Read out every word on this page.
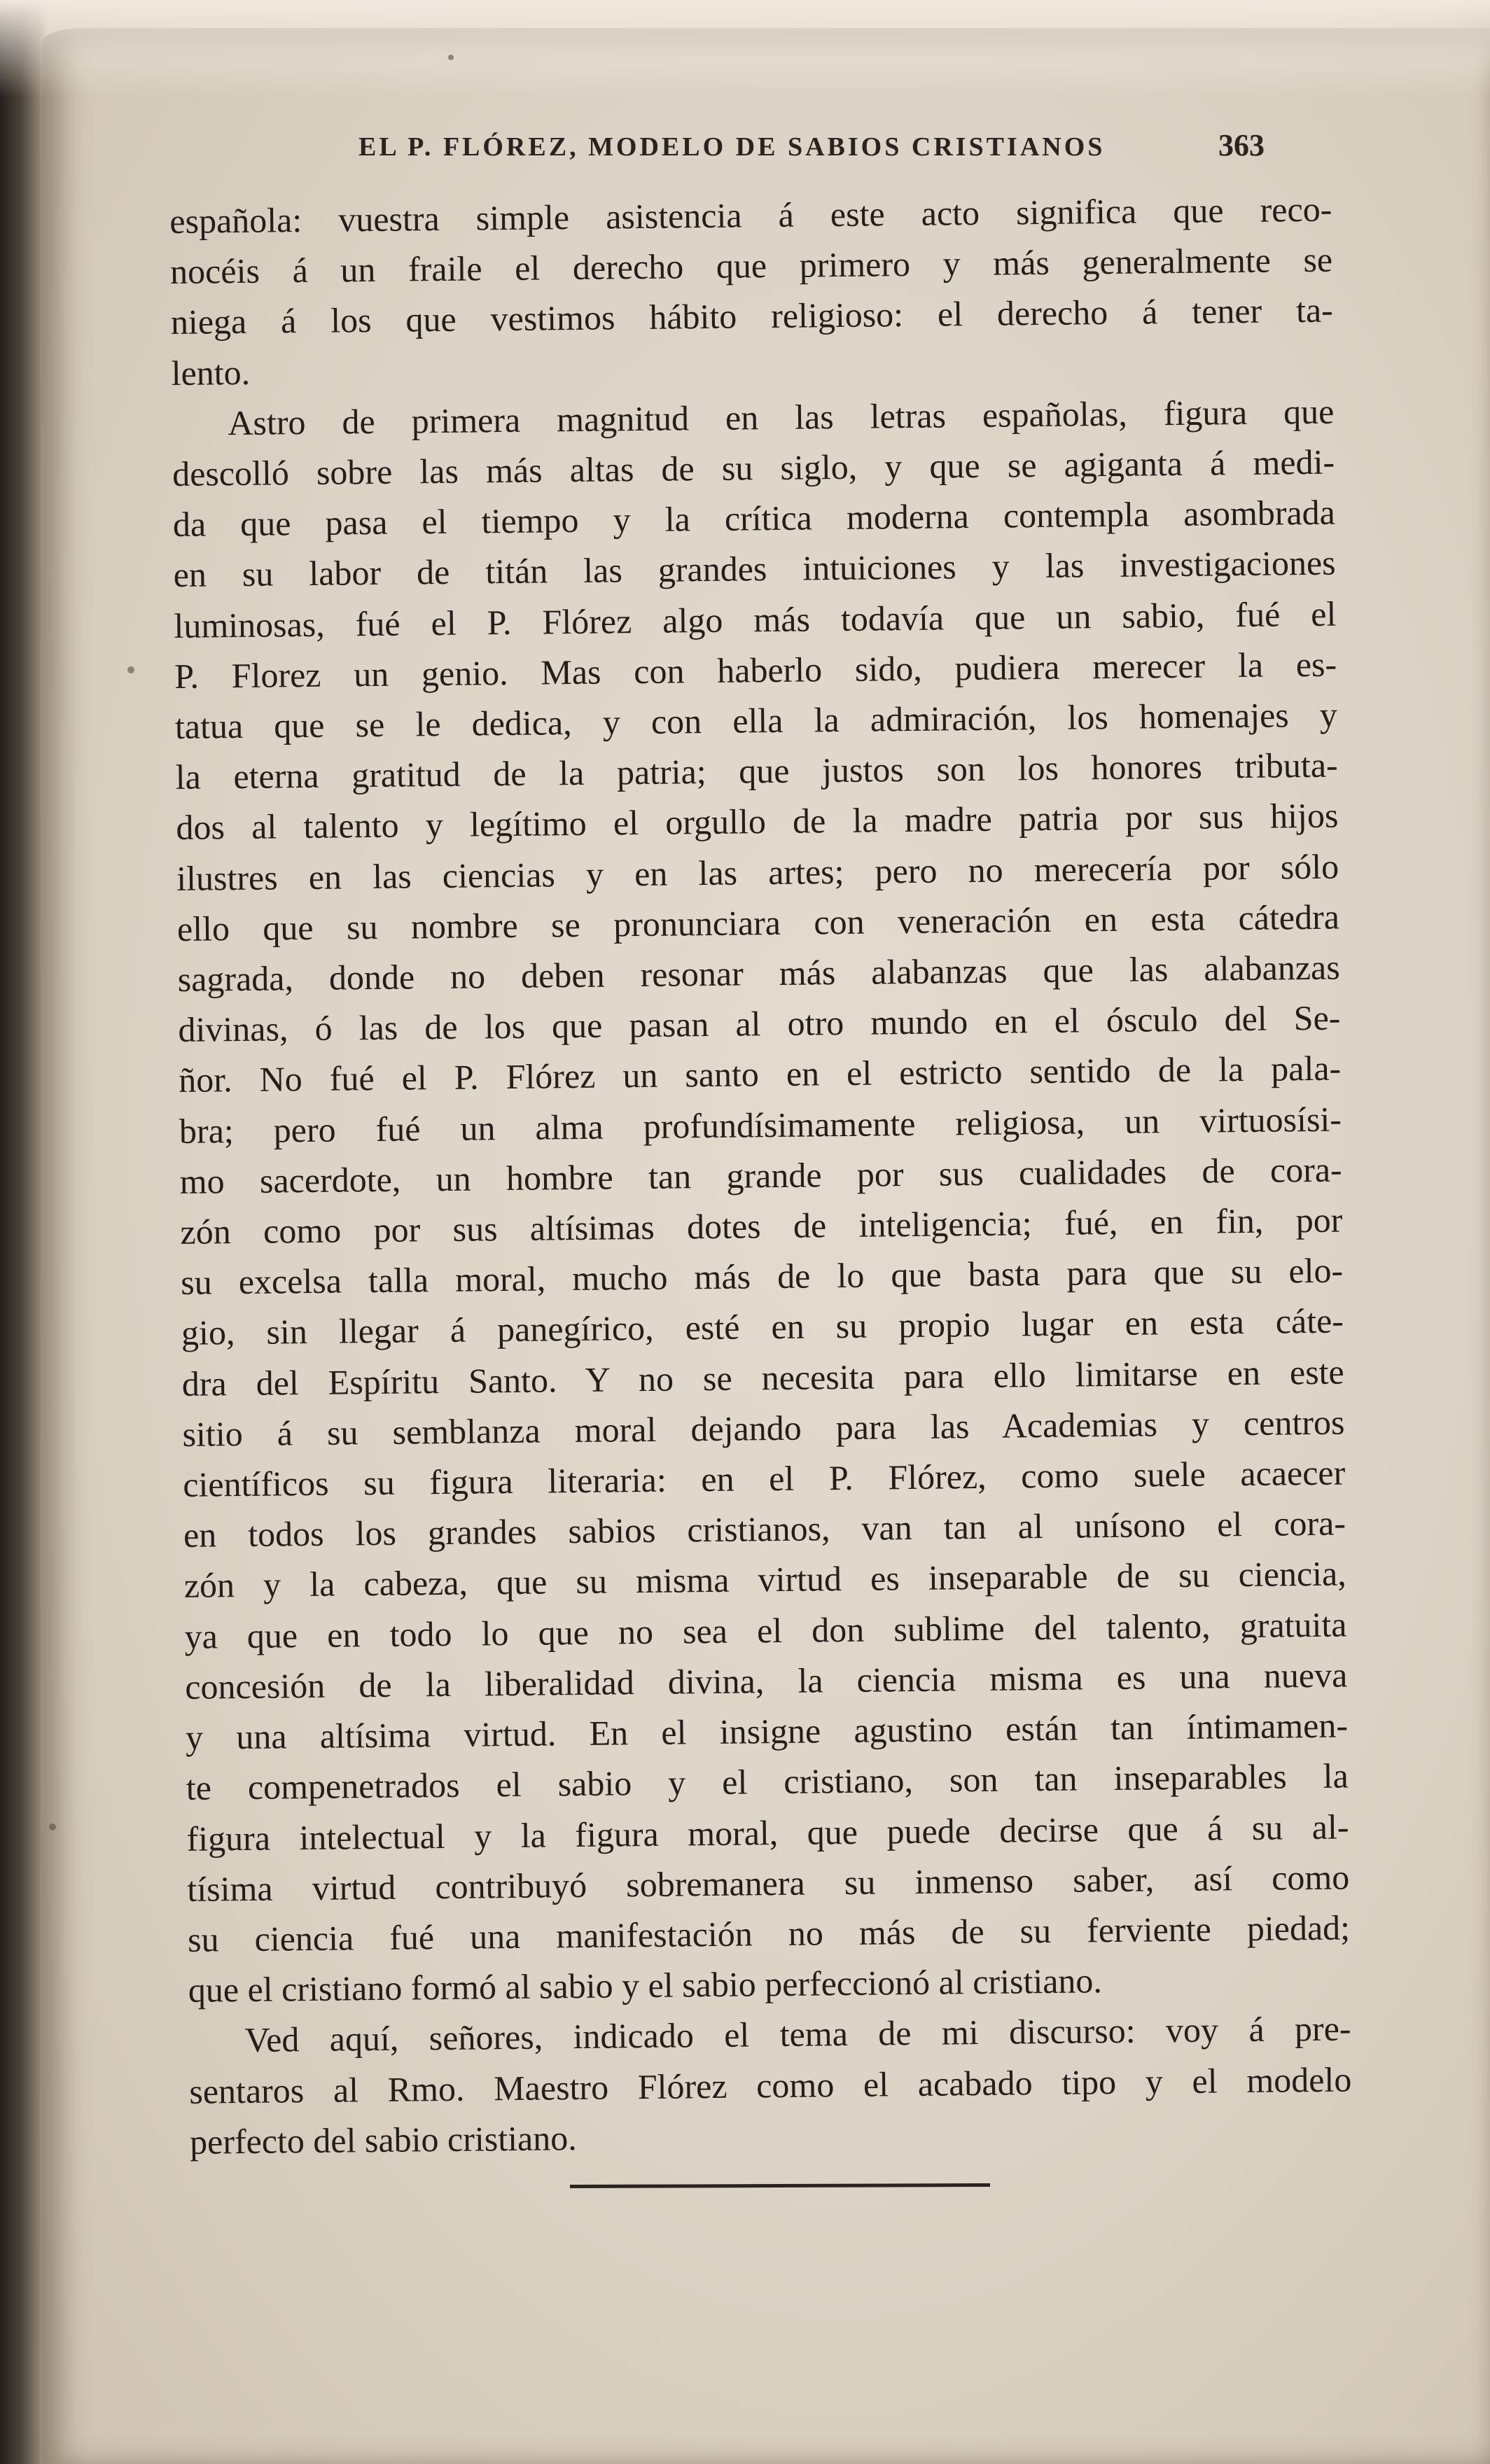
EL P. FLÓREZ, MODELO DE SABIOS CRISTIANOS	363
española: vuestra simple asistencia á este acto significa que reco-
nocéis á un fraile el derecho que primero y más generalmente se
niega á los que vestimos hábito religioso: el derecho á tener ta-
lento.
Astro de primera magnitud en las letras españolas, figura que
descolló sobre las más altas de su siglo, y que se agiganta á medi-
da que pasa el tiempo y la crítica moderna contempla asombrada
en su labor de titán las grandes intuiciones y las investigaciones
luminosas, fué el P. Flórez algo más todavía que un sabio, fué el
P. Florez un genio. Mas con haberlo sido, pudiera merecer la es-
tatua que se le dedica, y con ella la admiración, los homenajes y
la eterna gratitud de la patria; que justos son los honores tributa-
dos al talento y legítimo el orgullo de la madre patria por sus hijos
ilustres en las ciencias y en las artes; pero no merecería por sólo
ello que su nombre se pronunciara con veneración en esta cátedra
sagrada, donde no deben resonar más alabanzas que las alabanzas
divinas, ó las de los que pasan al otro mundo en el ósculo del Se-
ñor. No fué el P. Flórez un santo en el estricto sentido de la pala-
bra; pero fué un alma profundísimamente religiosa, un virtuosísi-
mo sacerdote, un hombre tan grande por sus cualidades de cora-
zón como por sus altísimas dotes de inteligencia; fué, en fin, por
su excelsa talla moral, mucho más de lo que basta para que su elo-
gio, sin llegar á panegírico, esté en su propio lugar en esta cáte-
dra del Espíritu Santo. Y no se necesita para ello limitarse en este
sitio á su semblanza moral dejando para las Academias y centros
científicos su figura literaria: en el P. Flórez, como suele acaecer
en todos los grandes sabios cristianos, van tan al unísono el cora-
zón y la cabeza, que su misma virtud es inseparable de su ciencia,
ya que en todo lo que no sea el don sublime del talento, gratuita
concesión de la liberalidad divina, la ciencia misma es una nueva
y una altísima virtud. En el insigne agustino están tan íntimamen-
te compenetrados el sabio y el cristiano, son tan inseparables la
figura intelectual y la figura moral, que puede decirse que á su al-
tísima virtud contribuyó sobremanera su inmenso saber, así como
su ciencia fué una manifestación no más de su ferviente piedad;
que el cristiano formó al sabio y el sabio perfeccionó al cristiano.
Ved aquí, señores, indicado el tema de mi discurso: voy á pre-
sentaros al Rmo. Maestro Flórez como el acabado tipo y el modelo
perfecto del sabio cristiano.
